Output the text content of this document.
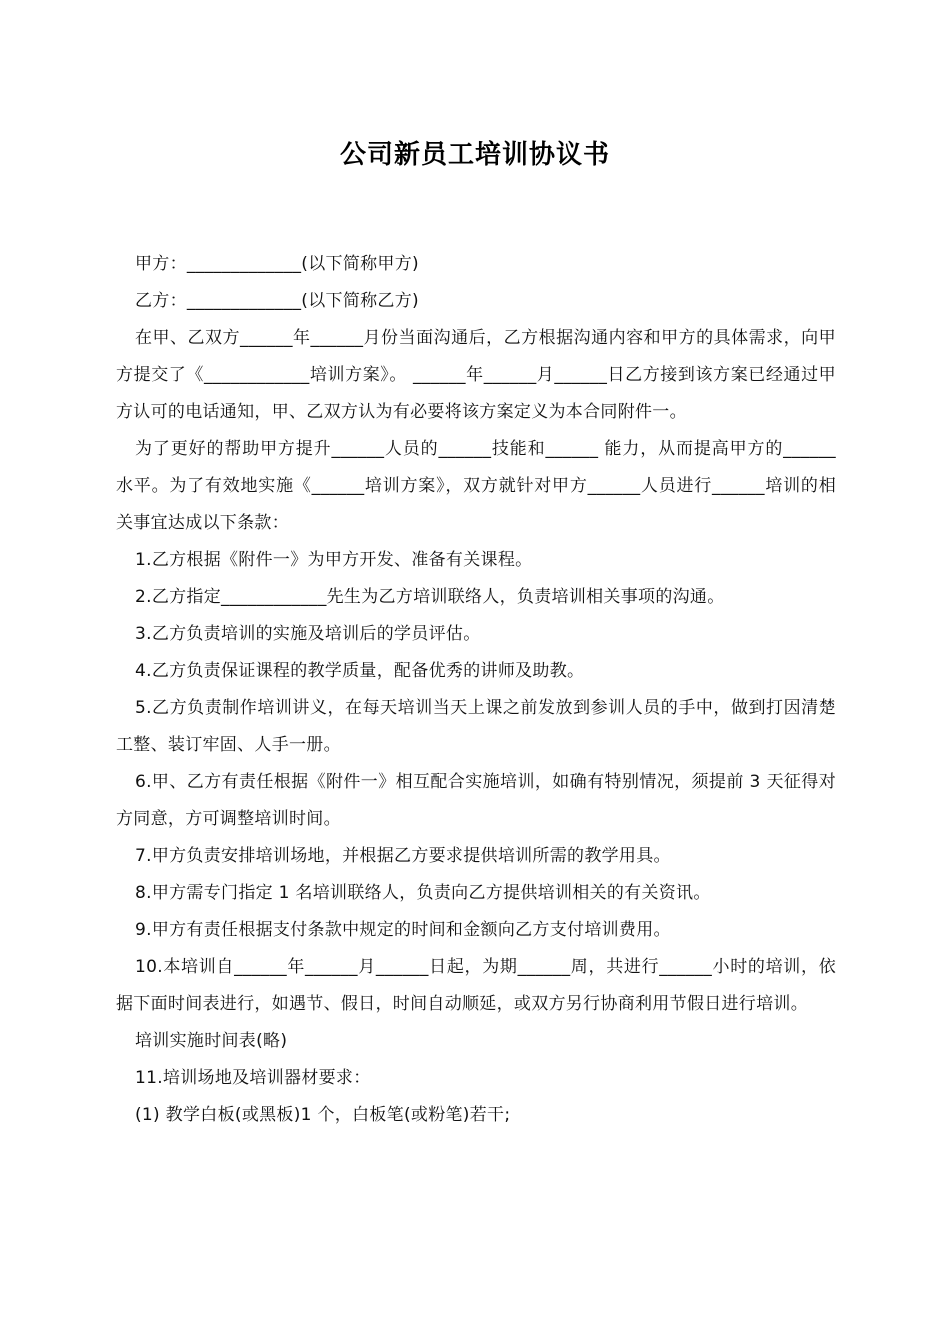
公司新员工培训协议书

甲方：_____________(以下简称甲方)

乙方：_____________(以下简称乙方)

在甲、乙双方______年______月份当面沟通后，乙方根据沟通内容和甲方的具体需求，向甲方提交了《____________培训方案》。 ______年______月______日乙方接到该方案已经通过甲方认可的电话通知，甲、乙双方认为有必要将该方案定义为本合同附件一。

为了更好的帮助甲方提升______人员的______技能和______ 能力，从而提高甲方的______水平。为了有效地实施《______培训方案》，双方就针对甲方______人员进行______培训的相关事宜达成以下条款：

1.乙方根据《附件一》为甲方开发、准备有关课程。

2.乙方指定____________先生为乙方培训联络人，负责培训相关事项的沟通。

3.乙方负责培训的实施及培训后的学员评估。

4.乙方负责保证课程的教学质量，配备优秀的讲师及助教。

5.乙方负责制作培训讲义，在每天培训当天上课之前发放到参训人员的手中，做到打因清楚工整、装订牢固、人手一册。

6.甲、乙方有责任根据《附件一》相互配合实施培训，如确有特别情况，须提前 3 天征得对方同意，方可调整培训时间。

7.甲方负责安排培训场地，并根据乙方要求提供培训所需的教学用具。

8.甲方需专门指定 1 名培训联络人，负责向乙方提供培训相关的有关资讯。

9.甲方有责任根据支付条款中规定的时间和金额向乙方支付培训费用。

10.本培训自______年______月______日起，为期______周，共进行______小时的培训，依据下面时间表进行，如遇节、假日，时间自动顺延，或双方另行协商利用节假日进行培训。

培训实施时间表(略)

11.培训场地及培训器材要求：

(1) 教学白板(或黑板)1 个，白板笔(或粉笔)若干;
